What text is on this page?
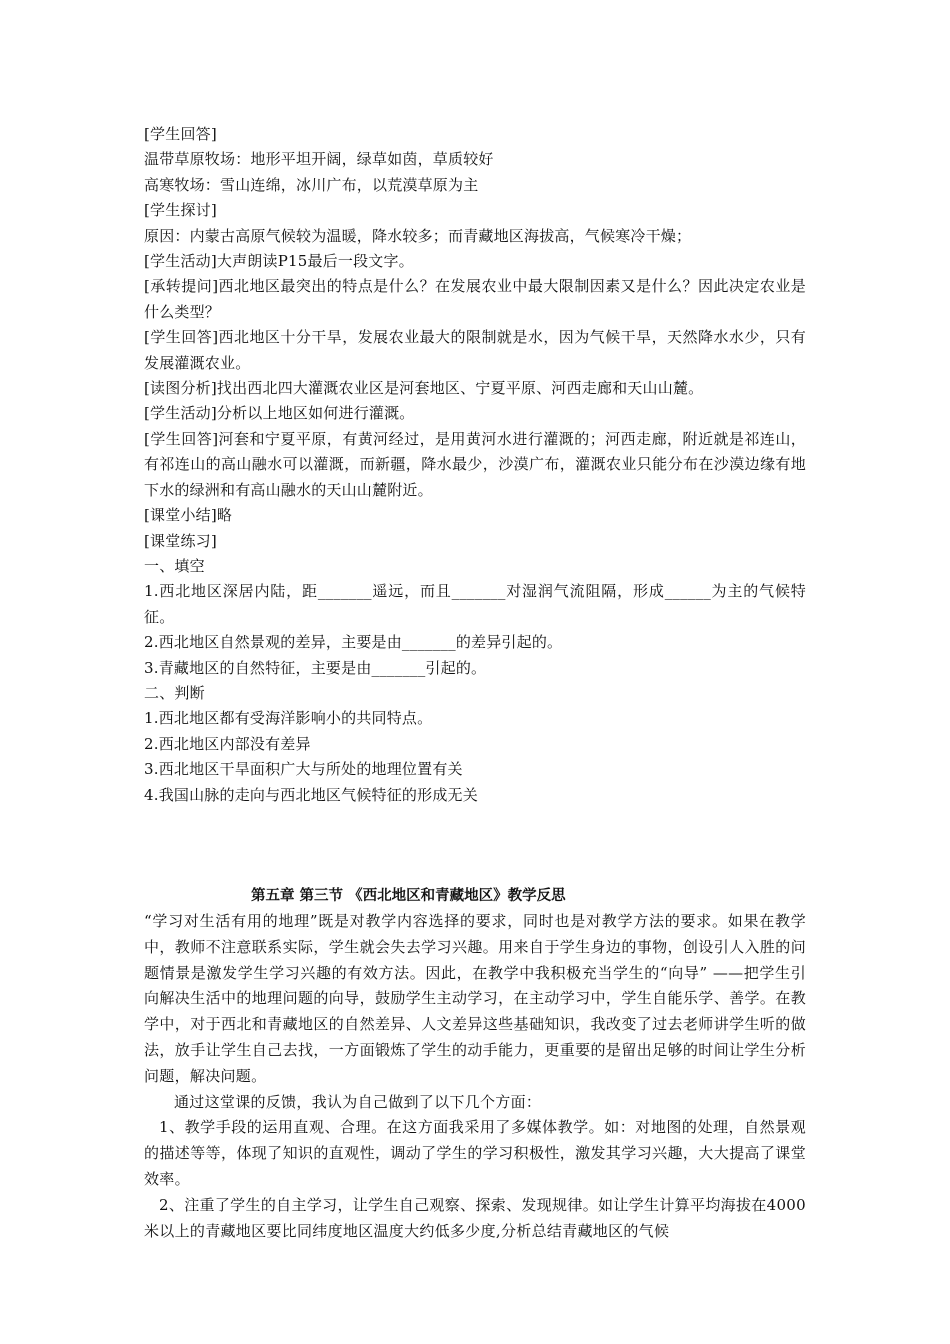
[学生回答]
温带草原牧场：地形平坦开阔，绿草如茵，草质较好
高寒牧场：雪山连绵，冰川广布，以荒漠草原为主
[学生探讨]
原因：内蒙古高原气候较为温暖，降水较多；而青藏地区海拔高，气候寒冷干燥；
[学生活动]大声朗读P15最后一段文字。
[承转提问]西北地区最突出的特点是什么？在发展农业中最大限制因素又是什么？因此决定农业是什么类型？
[学生回答]西北地区十分干旱，发展农业最大的限制就是水，因为气候干旱，天然降水水少，只有发展灌溉农业。
[读图分析]找出西北四大灌溉农业区是河套地区、宁夏平原、河西走廊和天山山麓。
[学生活动]分析以上地区如何进行灌溉。
[学生回答]河套和宁夏平原，有黄河经过，是用黄河水进行灌溉的；河西走廊，附近就是祁连山，有祁连山的高山融水可以灌溉，而新疆，降水最少，沙漠广布，灌溉农业只能分布在沙漠边缘有地下水的绿洲和有高山融水的天山山麓附近。
[课堂小结]略
[课堂练习]
一、填空
1.西北地区深居内陆，距_______遥远，而且_______对湿润气流阻隔，形成______为主的气候特征。
2.西北地区自然景观的差异，主要是由_______的差异引起的。
3.青藏地区的自然特征，主要是由_______引起的。
二、判断
1.西北地区都有受海洋影响小的共同特点。
2.西北地区内部没有差异
3.西北地区干旱面积广大与所处的地理位置有关
4.我国山脉的走向与西北地区气候特征的形成无关
第五章 第三节 《西北地区和青藏地区》教学反思
“学习对生活有用的地理”既是对教学内容选择的要求，同时也是对教学方法的要求。如果在教学中，教师不注意联系实际，学生就会失去学习兴趣。用来自于学生身边的事物，创设引人入胜的问题情景是激发学生学习兴趣的有效方法。因此，在教学中我积极充当学生的“向导” ——把学生引向解决生活中的地理问题的向导，鼓励学生主动学习，在主动学习中，学生自能乐学、善学。在教学中，对于西北和青藏地区的自然差异、人文差异这些基础知识，我改变了过去老师讲学生听的做法，放手让学生自己去找，一方面锻炼了学生的动手能力，更重要的是留出足够的时间让学生分析问题，解决问题。
通过这堂课的反馈，我认为自己做到了以下几个方面：
1、教学手段的运用直观、合理。在这方面我采用了多媒体教学。如：对地图的处理，自然景观的描述等等，体现了知识的直观性，调动了学生的学习积极性，激发其学习兴趣，大大提高了课堂效率。
2、注重了学生的自主学习，让学生自己观察、探索、发现规律。如让学生计算平均海拔在4000米以上的青藏地区要比同纬度地区温度大约低多少度,分析总结青藏地区的气候
